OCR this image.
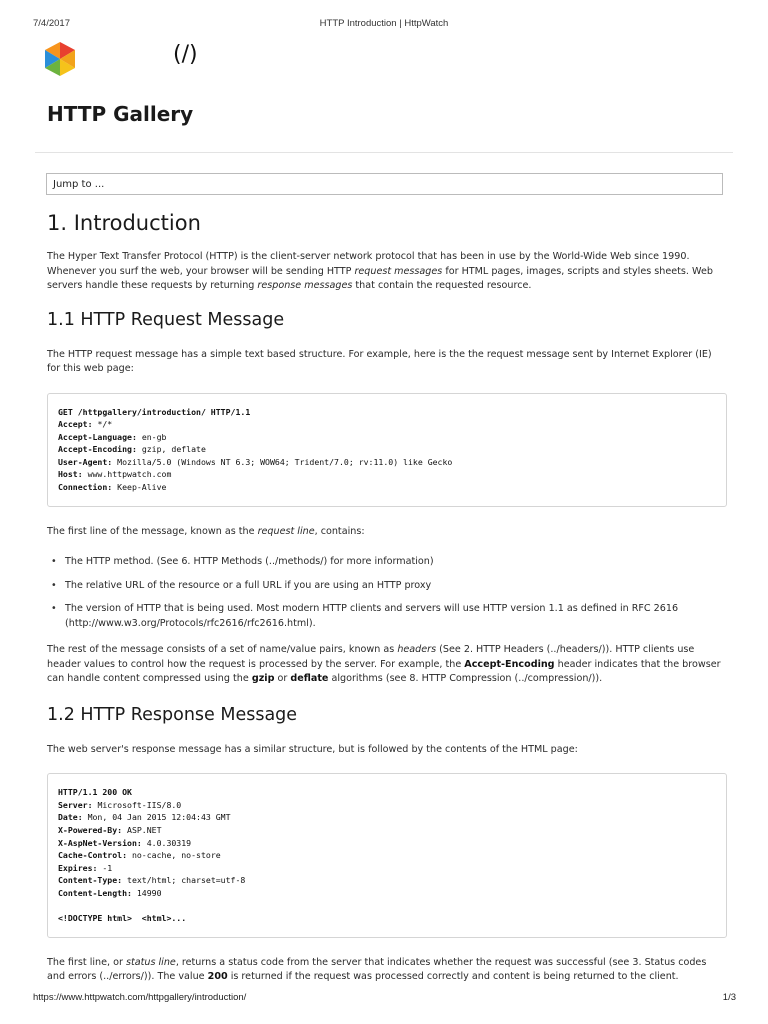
7/4/2017	HTTP Introduction | HttpWatch
(/)
HTTP Gallery
Jump to ...
1. Introduction

The Hyper Text Transfer Protocol (HTTP) is the client-server network protocol that has been in use by the World-Wide Web since 1990. Whenever you surf the web, your browser will be sending HTTP request messages for HTML pages, images, scripts and styles sheets. Web servers handle these requests by returning response messages that contain the requested resource.

1.1 HTTP Request Message

The HTTP request message has a simple text based structure. For example, here is the the request message sent by Internet Explorer (IE) for this web page:

GET /httpgallery/introduction/ HTTP/1.1
Accept: */*
Accept-Language: en-gb
Accept-Encoding: gzip, deflate
User-Agent: Mozilla/5.0 (Windows NT 6.3; WOW64; Trident/7.0; rv:11.0) like Gecko
Host: www.httpwatch.com
Connection: Keep-Alive

The first line of the message, known as the request line, contains:

• The HTTP method. (See 6. HTTP Methods (../methods/) for more information)
• The relative URL of the resource or a full URL if you are using an HTTP proxy
• The version of HTTP that is being used. Most modern HTTP clients and servers will use HTTP version 1.1 as defined in RFC 2616 (http://www.w3.org/Protocols/rfc2616/rfc2616.html).

The rest of the message consists of a set of name/value pairs, known as headers (See 2. HTTP Headers (../headers/)). HTTP clients use header values to control how the request is processed by the server. For example, the Accept-Encoding header indicates that the browser can handle content compressed using the gzip or deflate algorithms (see 8. HTTP Compression (../compression/)).

1.2 HTTP Response Message

The web server's response message has a similar structure, but is followed by the contents of the HTML page:

HTTP/1.1 200 OK
Server: Microsoft-IIS/8.0
Date: Mon, 04 Jan 2015 12:04:43 GMT
X-Powered-By: ASP.NET
X-AspNet-Version: 4.0.30319
Cache-Control: no-cache, no-store
Expires: -1
Content-Type: text/html; charset=utf-8
Content-Length: 14990

<!DOCTYPE html>  <html>...

The first line, or status line, returns a status code from the server that indicates whether the request was successful (see 3. Status codes and errors (../errors/)). The value 200 is returned if the request was processed correctly and content is being returned to the client.

https://www.httpwatch.com/httpgallery/introduction/	1/3
